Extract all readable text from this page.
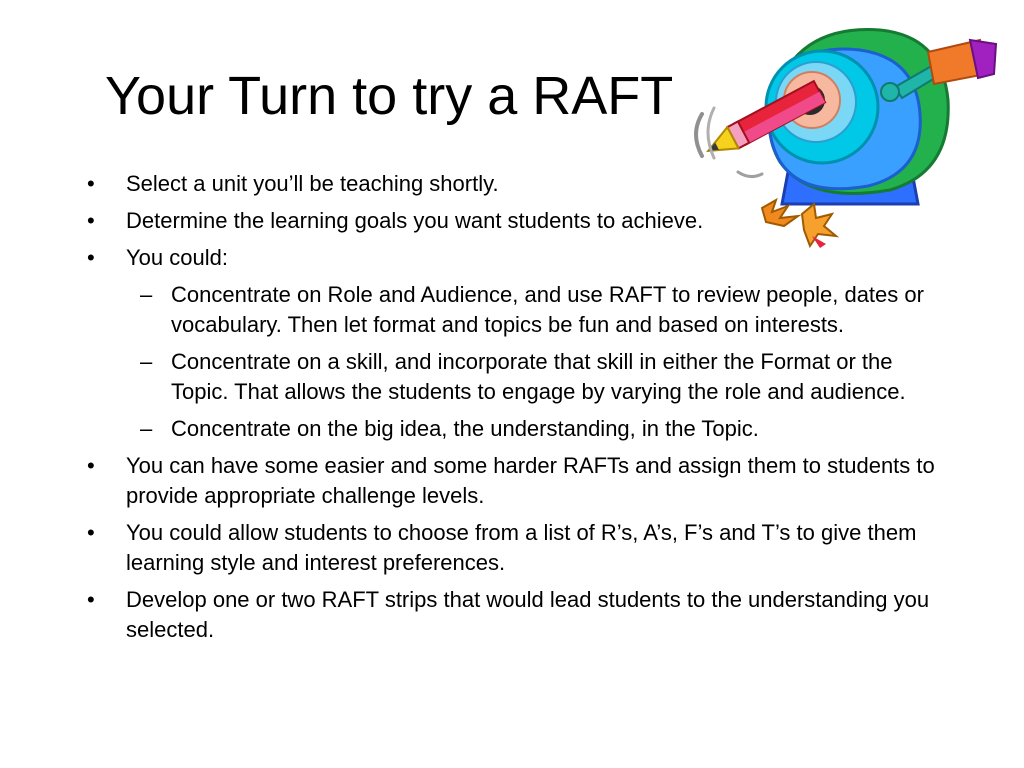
Your Turn to try a RAFT
• Select a unit you’ll be teaching shortly.
• Determine the learning goals you want students to achieve.
• You could:
– Concentrate on Role and Audience, and use RAFT to review people, dates or vocabulary. Then let format and topics be fun and based on interests.
– Concentrate on a skill, and incorporate that skill in either the Format or the Topic. That allows the students to engage by varying the role and audience.
– Concentrate on the big idea, the understanding, in the Topic.
• You can have some easier and some harder RAFTs and assign them to students to provide appropriate challenge levels.
• You could allow students to choose from a list of R’s, A’s, F’s and T’s to give them learning style and interest preferences.
• Develop one or two RAFT strips that would lead students to the understanding you selected.
